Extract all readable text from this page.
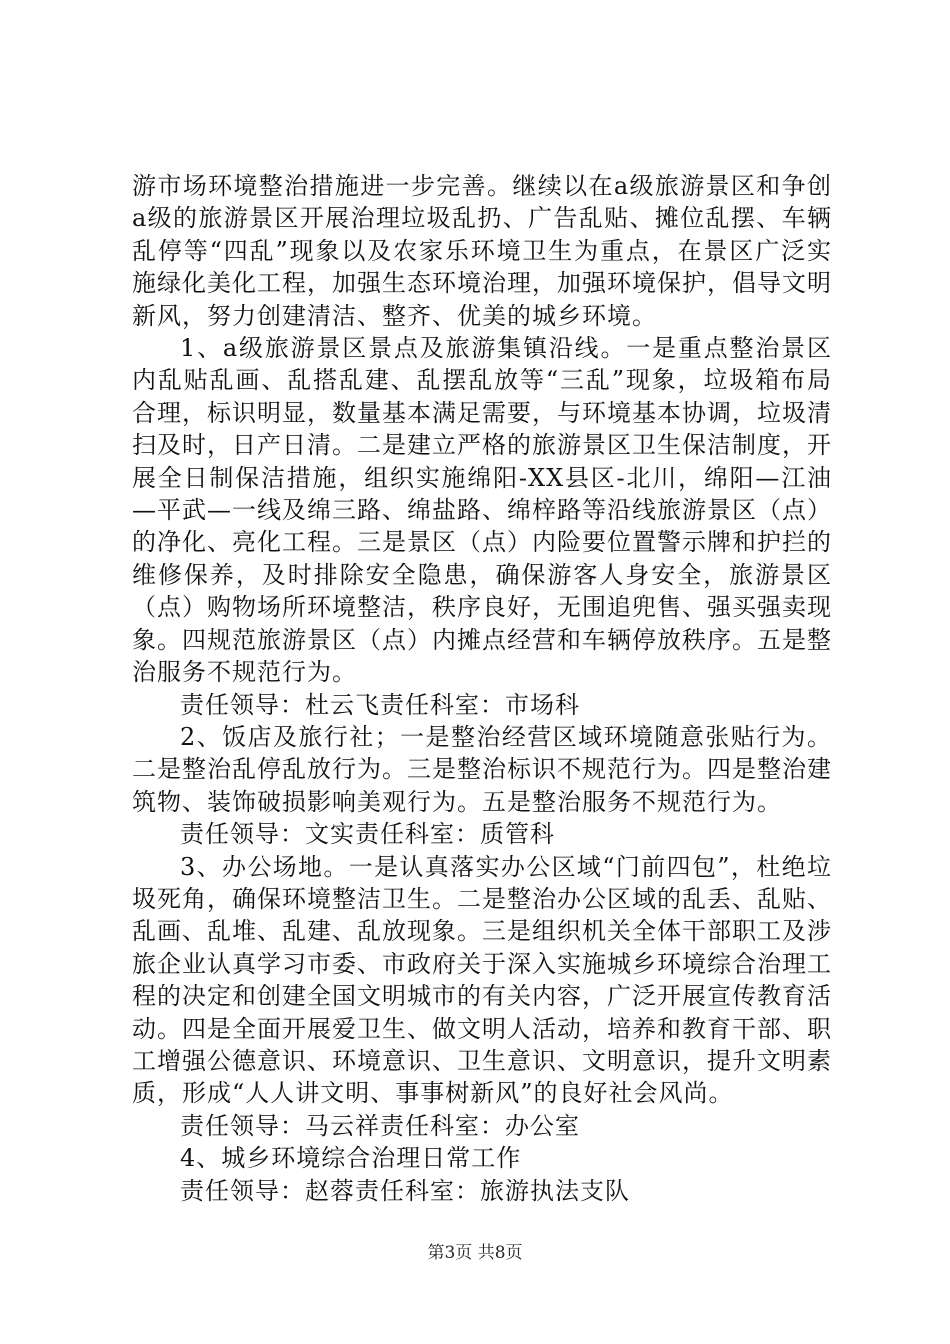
游市场环境整治措施进一步完善。继续以在a级旅游景区和争创a级的旅游景区开展治理垃圾乱扔、广告乱贴、摊位乱摆、车辆乱停等“四乱”现象以及农家乐环境卫生为重点，在景区广泛实施绿化美化工程，加强生态环境治理，加强环境保护，倡导文明新风，努力创建清洁、整齐、优美的城乡环境。

1、a级旅游景区景点及旅游集镇沿线。一是重点整治景区内乱贴乱画、乱搭乱建、乱摆乱放等“三乱”现象，垃圾箱布局合理，标识明显，数量基本满足需要，与环境基本协调，垃圾清扫及时，日产日清。二是建立严格的旅游景区卫生保洁制度，开展全日制保洁措施，组织实施绵阳-XX县区-北川，绵阳—江油—平武—一线及绵三路、绵盐路、绵梓路等沿线旅游景区（点）的净化、亮化工程。三是景区（点）内险要位置警示牌和护拦的维修保养，及时排除安全隐患，确保游客人身安全，旅游景区（点）购物场所环境整洁，秩序良好，无围追兜售、强买强卖现象。四规范旅游景区（点）内摊点经营和车辆停放秩序。五是整治服务不规范行为。

责任领导：杜云飞责任科室：市场科

2、饭店及旅行社；一是整治经营区域环境随意张贴行为。二是整治乱停乱放行为。三是整治标识不规范行为。四是整治建筑物、装饰破损影响美观行为。五是整治服务不规范行为。

责任领导：文实责任科室：质管科

3、办公场地。一是认真落实办公区域“门前四包”，杜绝垃圾死角，确保环境整洁卫生。二是整治办公区域的乱丢、乱贴、乱画、乱堆、乱建、乱放现象。三是组织机关全体干部职工及涉旅企业认真学习市委、市政府关于深入实施城乡环境综合治理工程的决定和创建全国文明城市的有关内容，广泛开展宣传教育活动。四是全面开展爱卫生、做文明人活动，培养和教育干部、职工增强公德意识、环境意识、卫生意识、文明意识，提升文明素质，形成“人人讲文明、事事树新风”的良好社会风尚。

责任领导：马云祥责任科室：办公室

4、城乡环境综合治理日常工作

责任领导：赵蓉责任科室：旅游执法支队

第3页 共8页
